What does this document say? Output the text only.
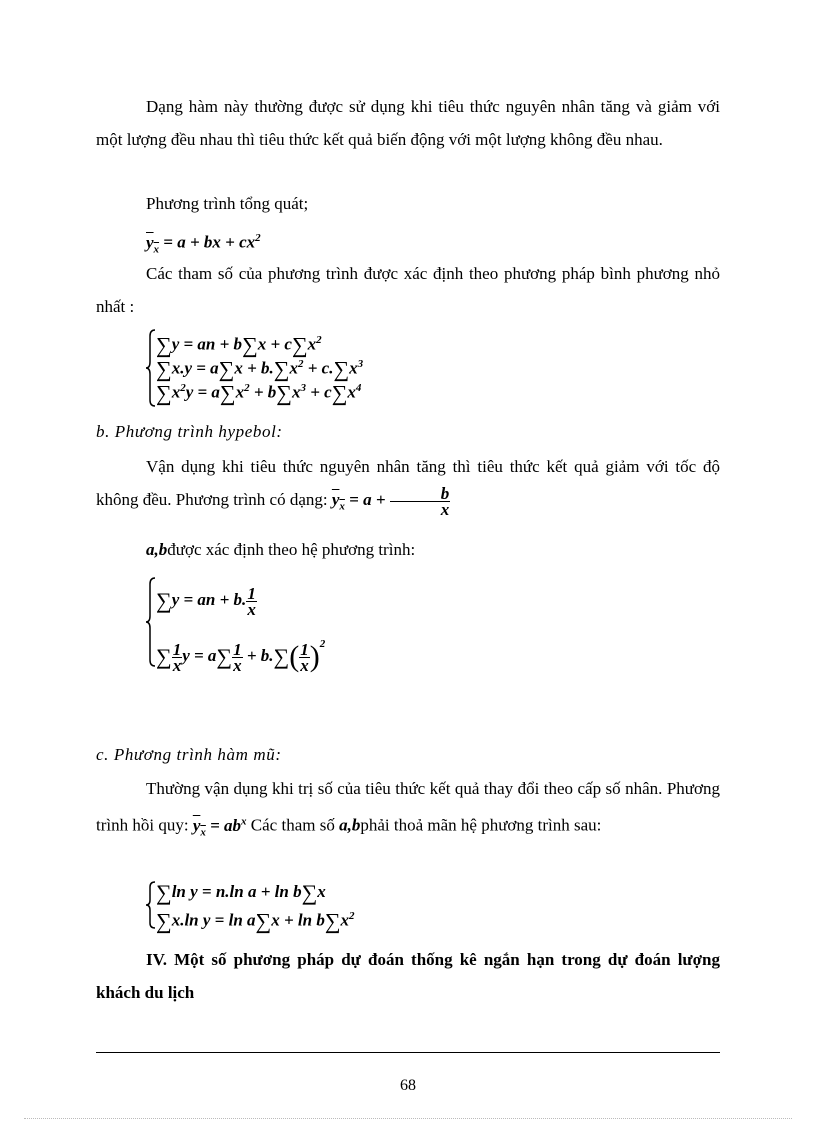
Dạng hàm này thường được sử dụng khi tiêu thức nguyên nhân tăng và giảm với một lượng đều nhau thì tiêu thức kết quả biến động với một lượng không đều nhau.

Phương trình tổng quát;
$y_x = a$ + bx + $cx^2$

Các tham số của phương trình được xác định theo phương pháp bình phương nhỏ nhất :

∑y = an + $b\sum x + c\sum x^2$
$\sum x.y = a\sum x + b.\sum x^2 + c.\sum x^3$
$\sum x^2y = a\sum x^2 + b\sum x^3 + c\sum x^4$
b. Phương trình hypebol:

Vận dụng khi tiêu thức nguyên nhân tăng thì tiêu thức kết quả giảm với tốc độ không đều. Phương trình có dạng: $y_x = a + \frac{b}{x}$

a,bđược xác định theo hệ phương trình:
∑y = an + b. $\frac{1}{x}$
∑ $\frac{1}{x}$ $y = a\sum \frac{1}{x} + b.\sum( \frac{1}{x} )^2$
c. Phương trình hàm mũ:

Thường vận dụng khi trị số của tiêu thức kết quả thay đổi theo cấp số nhân. Phương trình hồi quy: $y_x = ab^x$ Các tham số a,bphải thoả mãn hệ phương trình sau:

∑ln y = n.ln a + ln b∑x
∑x.ln $y = \ln a\sum x + \ln b\sum x^2$

IV. Một số phương pháp dự đoán thống kê ngắn hạn trong dự đoán lượng khách du lịch

68
